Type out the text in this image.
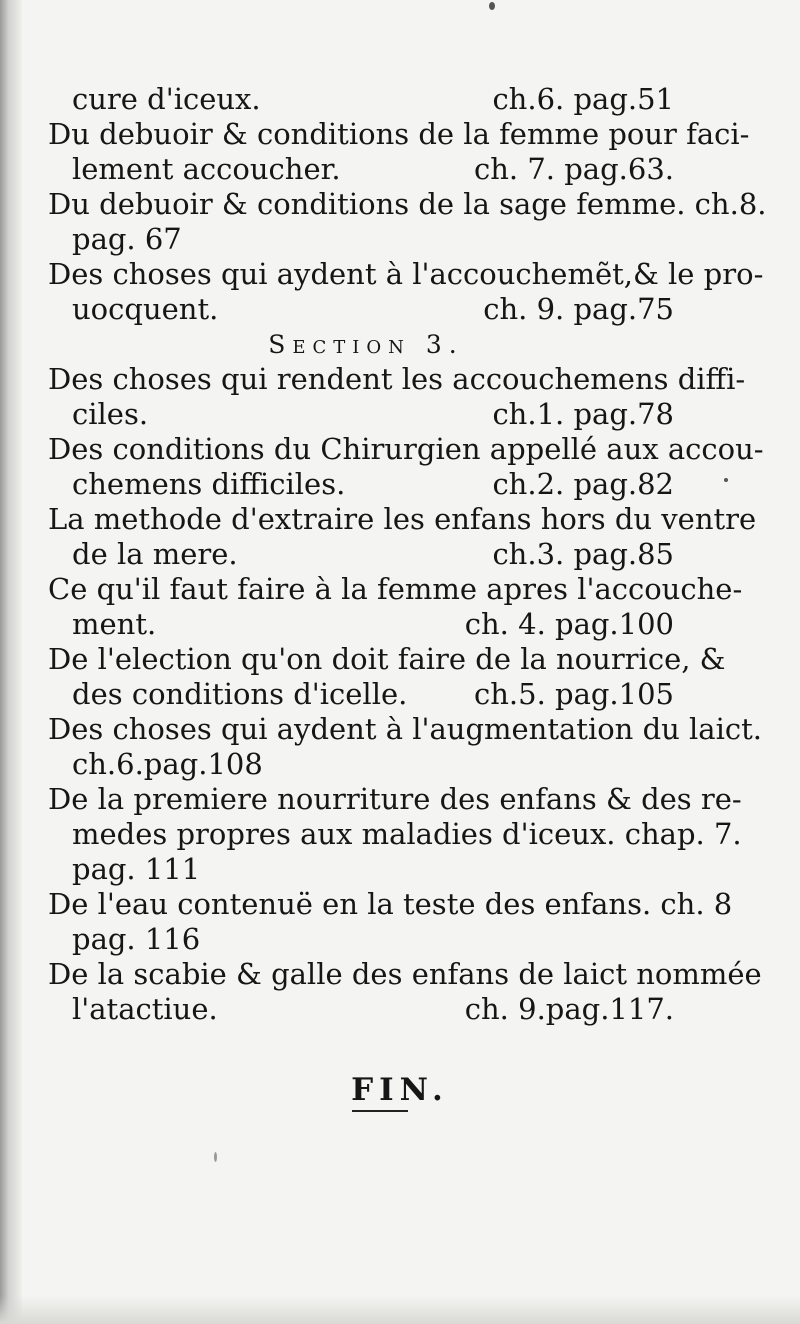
cure d'iceux.	ch.6. pag.51
Du debuoir & conditions de la femme pour faci-
lement accoucher.	ch. 7. pag.63.
Du debuoir & conditions de la sage femme. ch.8.
pag. 67
Des choses qui aydent à l'accouchemẽt,& le pro-
uocquent.	ch. 9. pag.75
Section 3.
Des choses qui rendent les accouchemens diffi-
ciles.	ch.1. pag.78
Des conditions du Chirurgien appellé aux accou-
chemens difficiles.	ch.2. pag.82
La methode d'extraire les enfans hors du ventre
de la mere.	ch.3. pag.85
Ce qu'il faut faire à la femme apres l'accouche-
ment.	ch. 4. pag.100
De l'election qu'on doit faire de la nourrice, &
des conditions d'icelle.	ch.5. pag.105
Des choses qui aydent à l'augmentation du laict.
ch.6.pag.108
De la premiere nourriture des enfans & des re-
medes propres aux maladies d'iceux. chap. 7.
pag. 111
De l'eau contenuë en la teste des enfans. ch. 8
pag. 116
De la scabie & galle des enfans de laict nommée
l'atactiue.	ch. 9.pag.117.
FIN.
